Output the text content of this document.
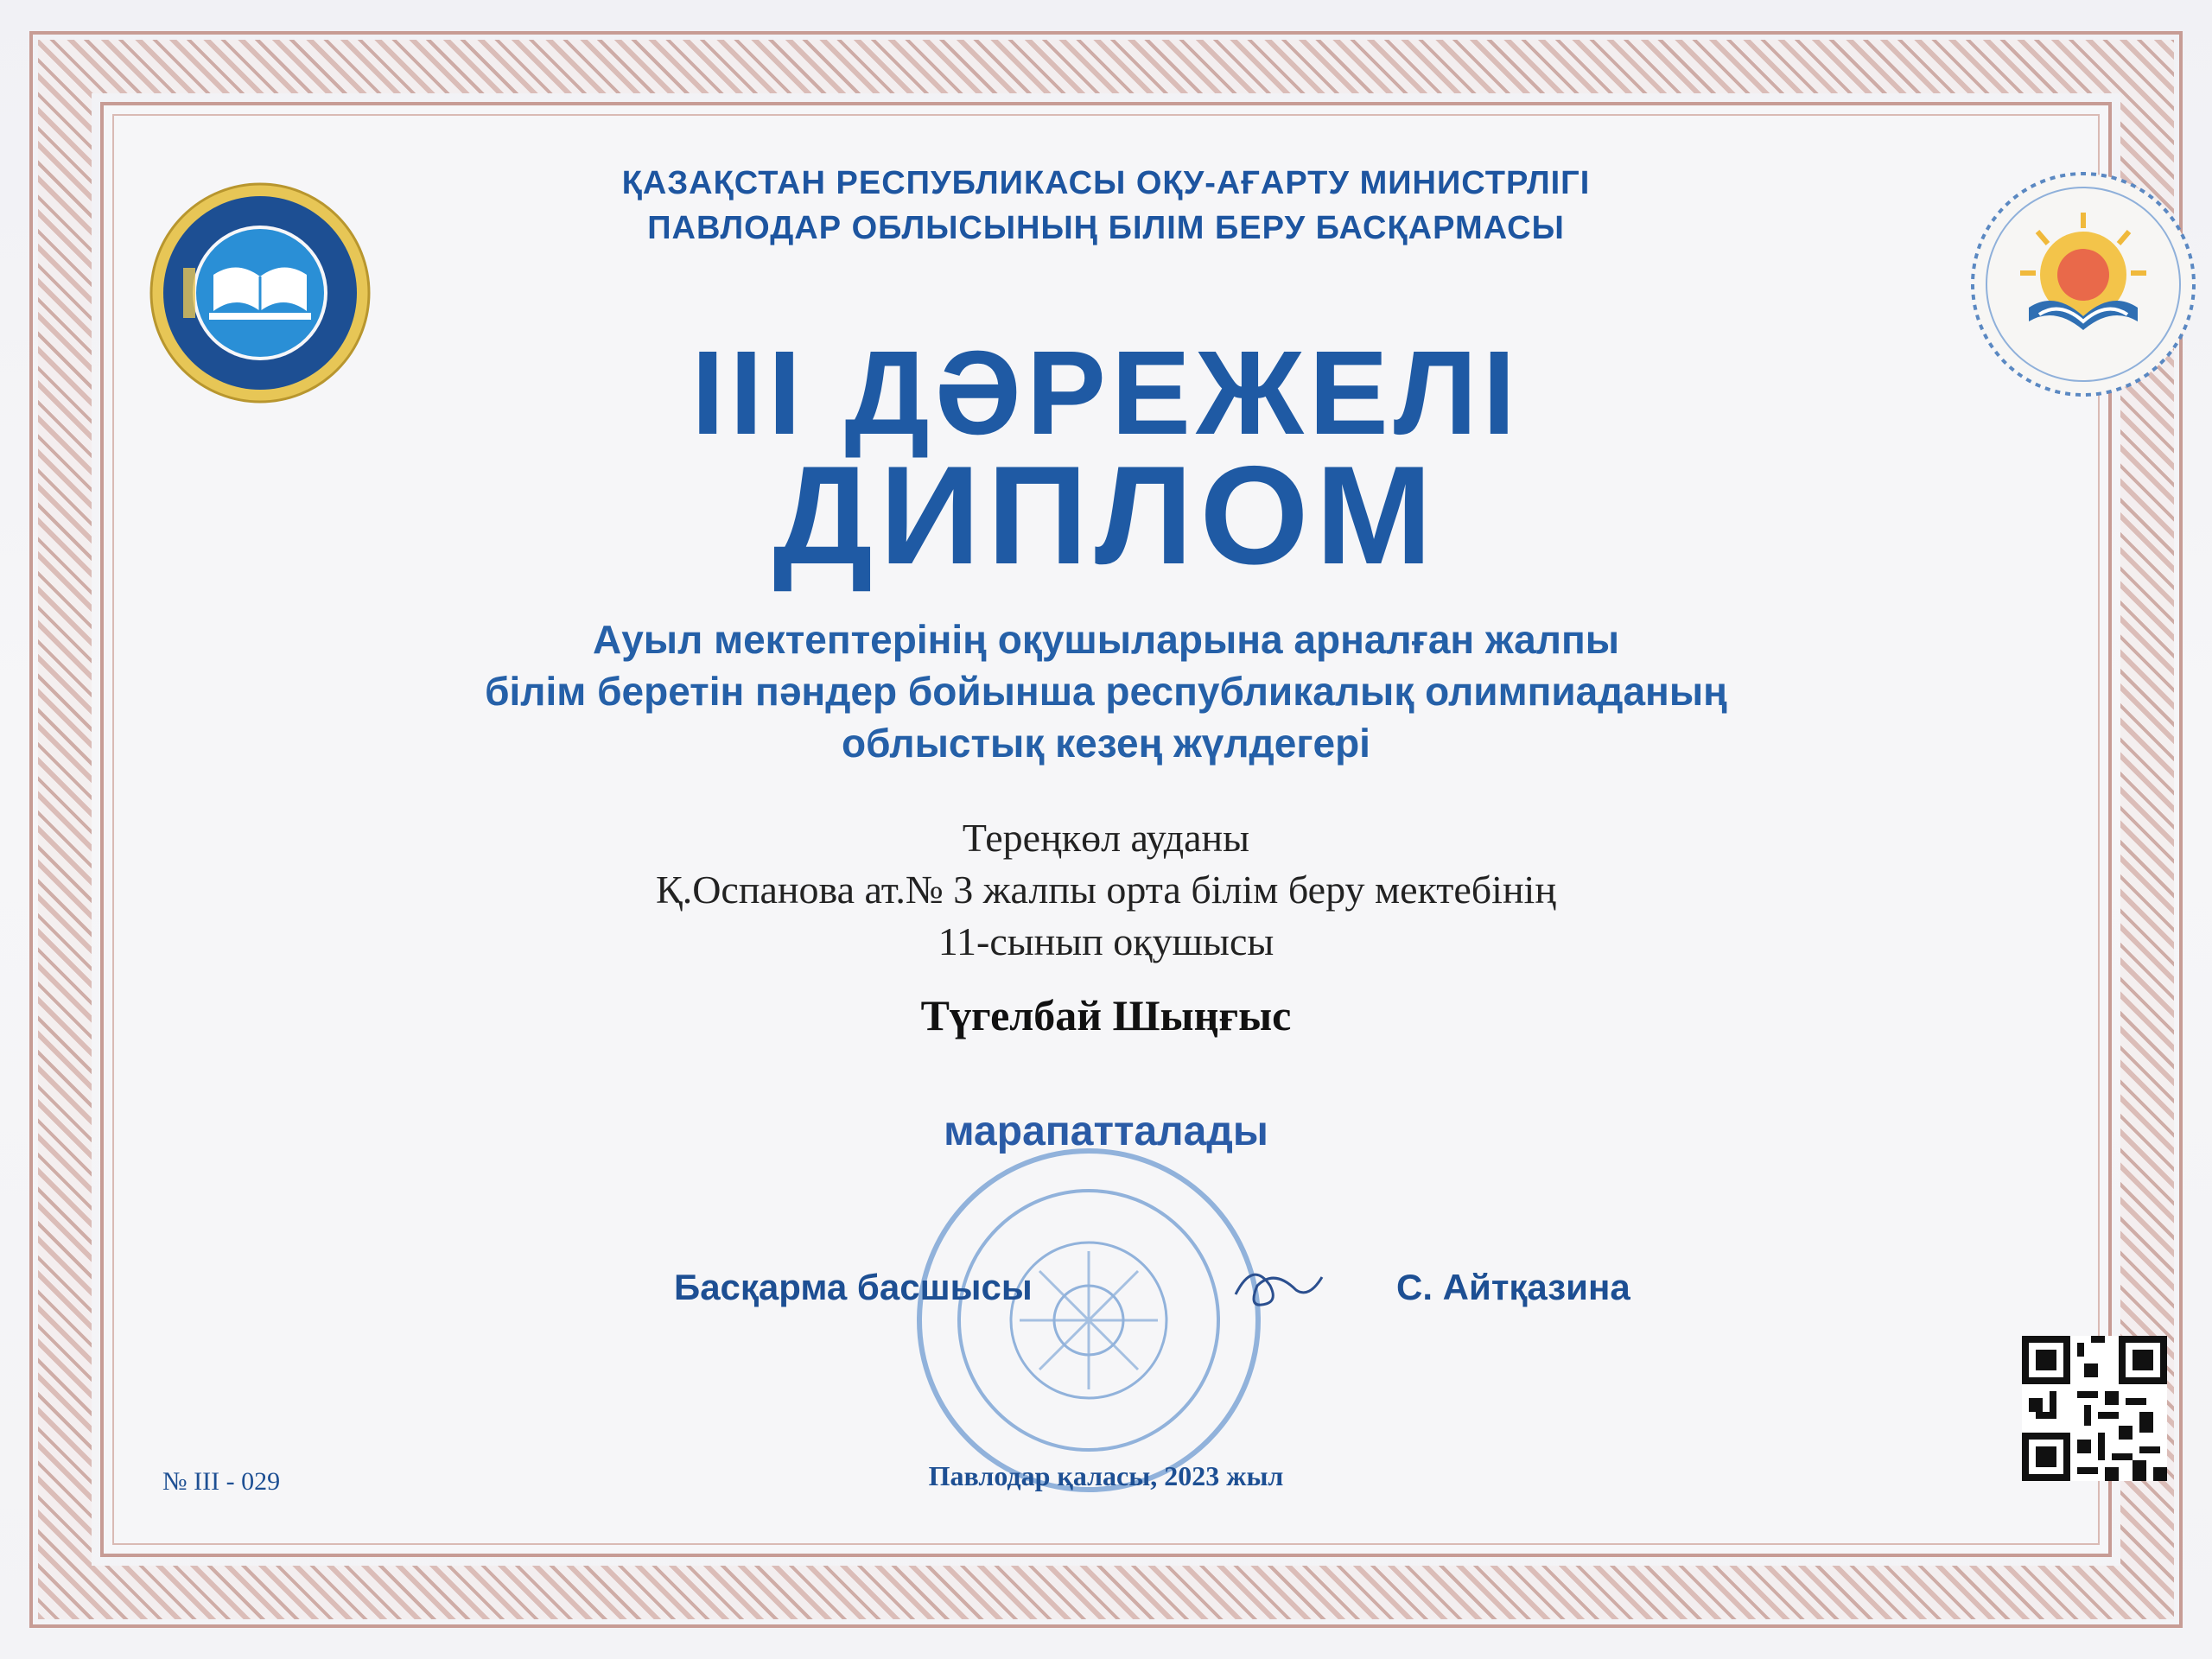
ҚАЗАҚСТАН РЕСПУБЛИКАСЫ ОҚУ-АҒАРТУ МИНИСТРЛІГІ
ПАВЛОДАР ОБЛЫСЫНЫҢ БІЛІМ БЕРУ БАСҚАРМАСЫ
ІІІ ДӘРЕЖЕЛІ
ДИПЛОМ
Ауыл мектептерінің оқушыларына арналған жалпы
білім беретін пәндер бойынша республикалық олимпиаданың
облыстық кезең жүлдегері
Тереңкөл ауданы
Қ.Оспанова ат.№ 3 жалпы орта білім беру мектебінің
11-сынып оқушысы
Түгелбай Шыңғыс
марапатталады
Басқарма басшысы	С. Айтқазина
№ III - 029	Павлодар қаласы, 2023 жыл
